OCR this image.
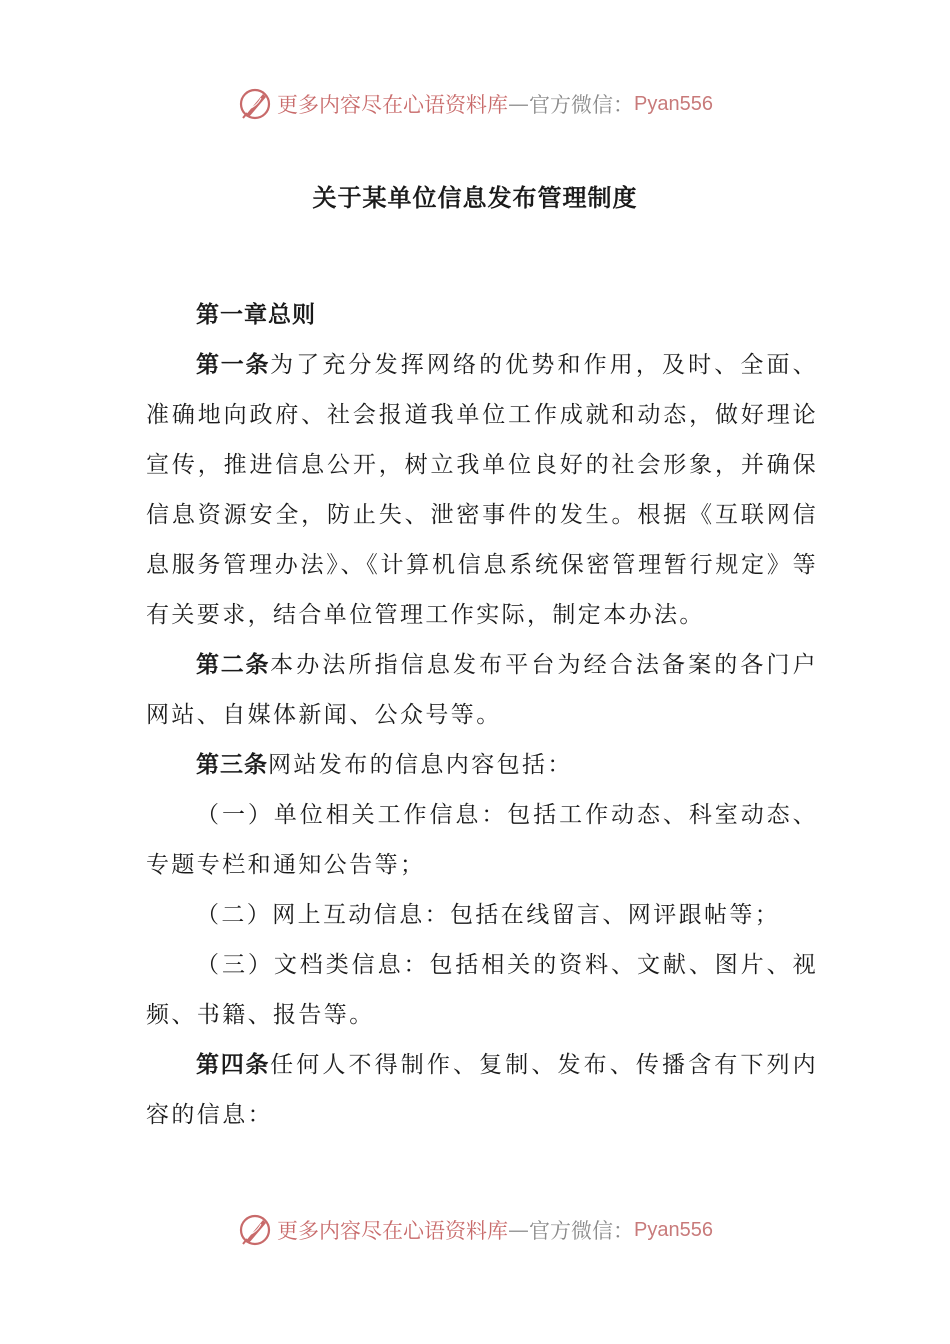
更多内容尽在心语资料库 — 官方微信： Pyan556
关于某单位信息发布管理制度

第一章总则

第一条为了充分发挥网络的优势和作用，及时、全面、准确地向政府、社会报道我单位工作成就和动态，做好理论宣传，推进信息公开，树立我单位良好的社会形象，并确保信息资源安全，防止失、泄密事件的发生。根据《互联网信息服务管理办法》、《计算机信息系统保密管理暂行规定》等有关要求，结合单位管理工作实际，制定本办法。

第二条本办法所指信息发布平台为经合法备案的各门户网站、自媒体新闻、公众号等。

第三条网站发布的信息内容包括：

（一）单位相关工作信息：包括工作动态、科室动态、专题专栏和通知公告等；

（二）网上互动信息：包括在线留言、网评跟帖等；

（三）文档类信息：包括相关的资料、文献、图片、视频、书籍、报告等。

第四条任何人不得制作、复制、发布、传播含有下列内容的信息：

更多内容尽在心语资料库 — 官方微信： Pyan556
